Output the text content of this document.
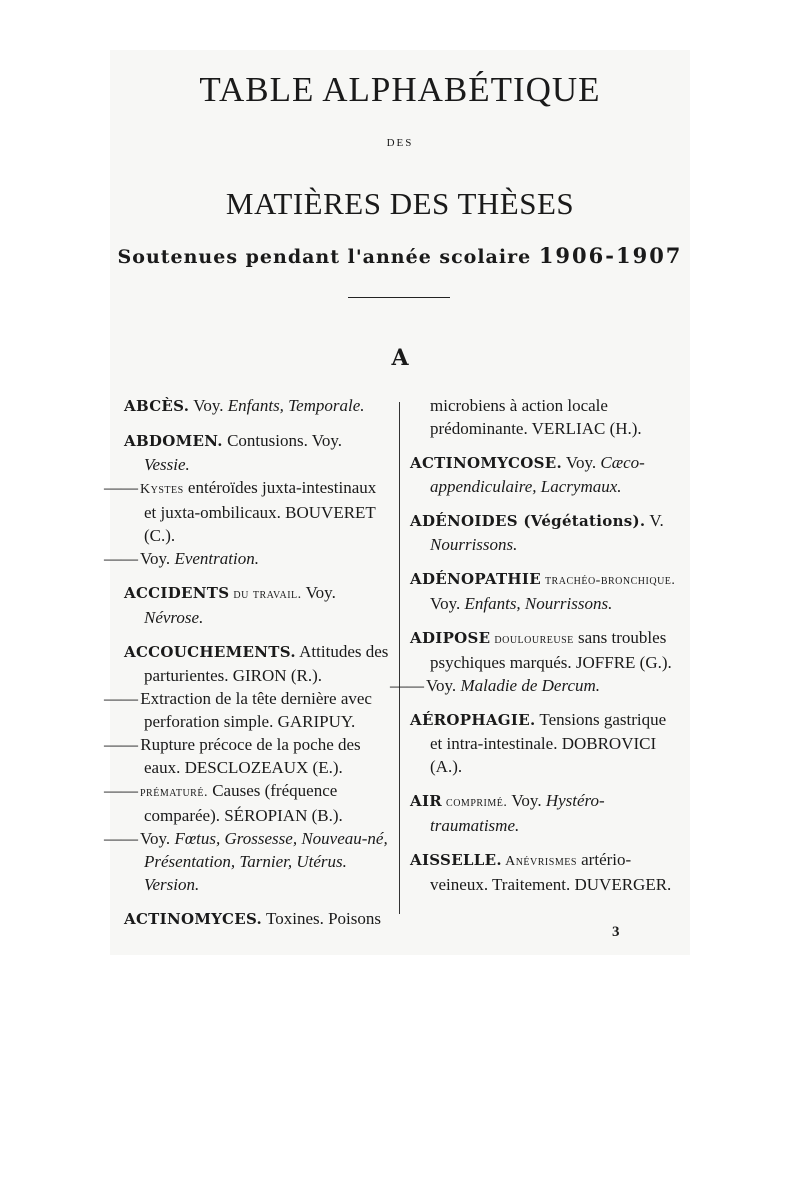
TABLE ALPHABÉTIQUE
DES
MATIÈRES DES THÈSES
Soutenues pendant l'année scolaire 1906-1907
A

ABCÈS. Voy. Enfants, Temporale.

ABDOMEN. Contusions. Voy. Vessie.

—— Kystes entéroïdes juxta-intestinaux et juxta-ombilicaux. BOUVERET (C.).

—— Voy. Eventration.

ACCIDENTS du travail. Voy. Névrose.

ACCOUCHEMENTS. Attitudes des parturientes. GIRON (R.).

—— Extraction de la tête dernière avec perforation simple. GARIPUY.

—— Rupture précoce de la poche des eaux. DESCLOZEAUX (E.).

—— prématuré. Causes (fréquence comparée). SÉROPIAN (B.).

—— Voy. Fœtus, Grossesse, Nouveau-né, Présentation, Tarnier, Utérus. Version.

ACTINOMYCES. Toxines. Poisons

microbiens à action locale prédominante. VERLIAC (H.).

ACTINOMYCOSE. Voy. Cæco-appendiculaire, Lacrymaux.

ADÉNOIDES (Végétations). V. Nourrissons.

ADÉNOPATHIE trachéo-bronchique. Voy. Enfants, Nourrissons.

ADIPOSE douloureuse sans troubles psychiques marqués. JOFFRE (G.).

—— Voy. Maladie de Dercum.

AÉROPHAGIE. Tensions gastrique et intra-intestinale. DOBROVICI (A.).

AIR comprimé. Voy. Hystéro-traumatisme.

AISSELLE. Anévrismes artério-veineux. Traitement. DUVERGER.

3
